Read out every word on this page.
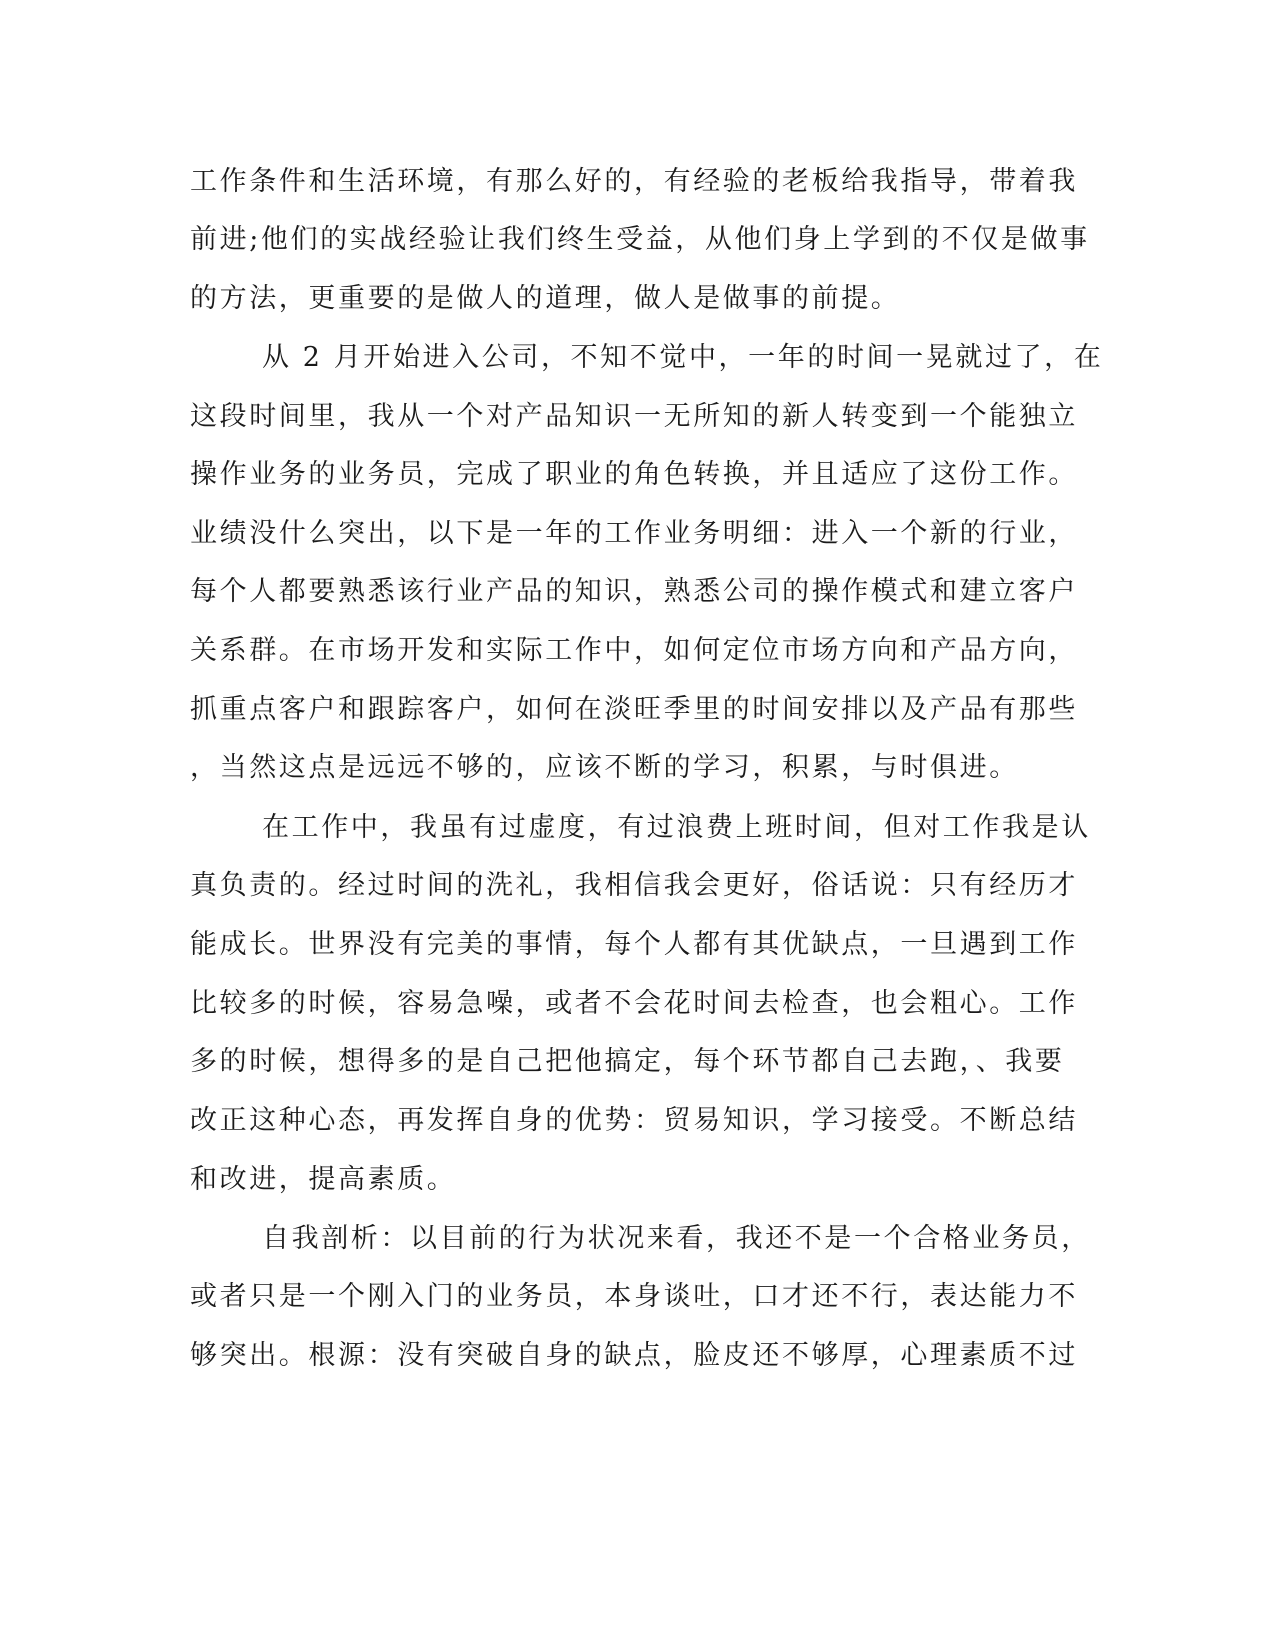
工作条件和生活环境，有那么好的，有经验的老板给我指导，带着我
前进;他们的实战经验让我们终生受益，从他们身上学到的不仅是做事
的方法，更重要的是做人的道理，做人是做事的前提。
从 2 月开始进入公司，不知不觉中，一年的时间一晃就过了，在
这段时间里，我从一个对产品知识一无所知的新人转变到一个能独立
操作业务的业务员，完成了职业的角色转换，并且适应了这份工作。
业绩没什么突出，以下是一年的工作业务明细：进入一个新的行业，
每个人都要熟悉该行业产品的知识，熟悉公司的操作模式和建立客户
关系群。在市场开发和实际工作中，如何定位市场方向和产品方向，
抓重点客户和跟踪客户，如何在淡旺季里的时间安排以及产品有那些
，当然这点是远远不够的，应该不断的学习，积累，与时俱进。
在工作中，我虽有过虚度，有过浪费上班时间，但对工作我是认
真负责的。经过时间的洗礼，我相信我会更好，俗话说：只有经历才
能成长。世界没有完美的事情，每个人都有其优缺点，一旦遇到工作
比较多的时候，容易急噪，或者不会花时间去检查，也会粗心。工作
多的时候，想得多的是自己把他搞定，每个环节都自己去跑，、我要
改正这种心态，再发挥自身的优势：贸易知识，学习接受。不断总结
和改进，提高素质。
自我剖析：以目前的行为状况来看，我还不是一个合格业务员，
或者只是一个刚入门的业务员，本身谈吐，口才还不行，表达能力不
够突出。根源：没有突破自身的缺点，脸皮还不够厚，心理素质不过
